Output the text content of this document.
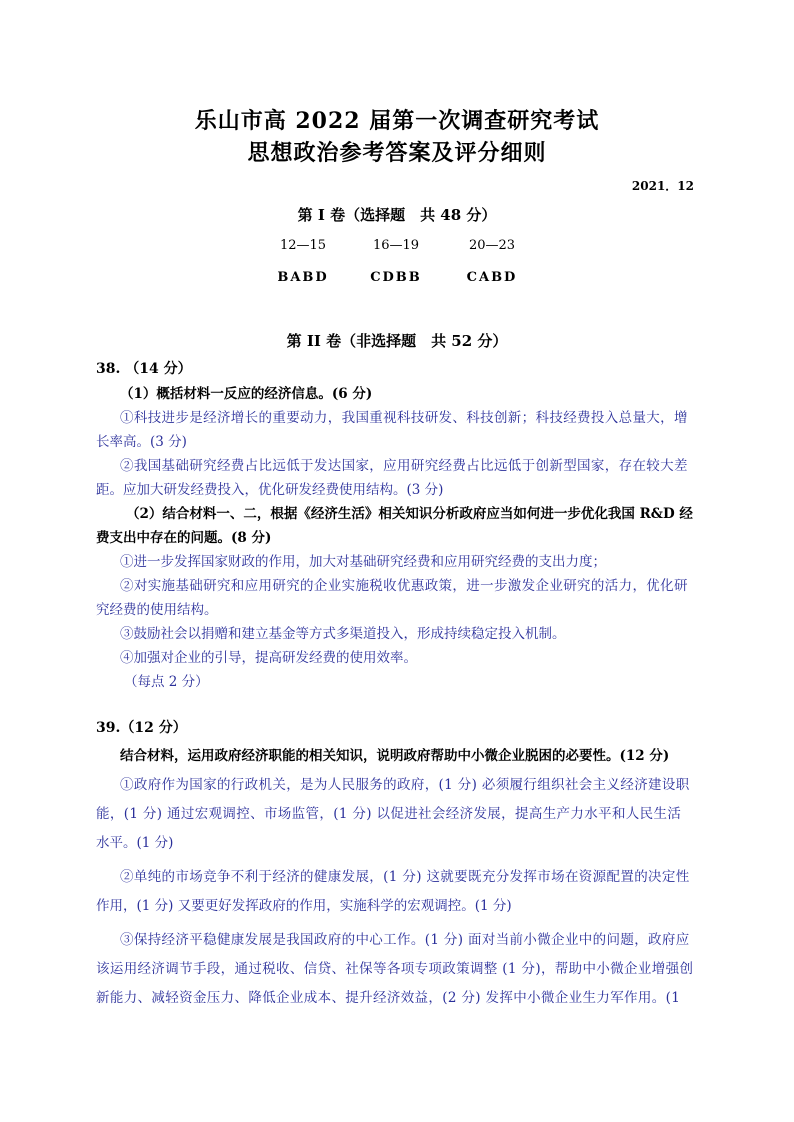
乐山市高 2022 届第一次调查研究考试
思想政治参考答案及评分细则
2021．12
第 I 卷（选择题　共 48 分）
12—15
BABD
16—19
CDBB
20—23
CABD
第 II 卷（非选择题　共 52 分）
38. （14 分）
（1）概括材料一反应的经济信息。(6 分)
①科技进步是经济增长的重要动力，我国重视科技研发、科技创新；科技经费投入总量大，增
长率高。(3 分)
②我国基础研究经费占比远低于发达国家，应用研究经费占比远低于创新型国家，存在较大差
距。应加大研发经费投入，优化研发经费使用结构。(3 分)
（2）结合材料一、二，根据《经济生活》相关知识分析政府应当如何进一步优化我国 R&D 经
费支出中存在的问题。(8 分)
①进一步发挥国家财政的作用，加大对基础研究经费和应用研究经费的支出力度；
②对实施基础研究和应用研究的企业实施税收优惠政策，进一步激发企业研究的活力，优化研
究经费的使用结构。
③鼓励社会以捐赠和建立基金等方式多渠道投入，形成持续稳定投入机制。
④加强对企业的引导，提高研发经费的使用效率。
（每点 2 分）
39.（12 分）
结合材料，运用政府经济职能的相关知识，说明政府帮助中小微企业脱困的必要性。(12 分)
①政府作为国家的行政机关，是为人民服务的政府，(1 分) 必须履行组织社会主义经济建设职
能，(1 分) 通过宏观调控、市场监管，(1 分) 以促进社会经济发展，提高生产力水平和人民生活
水平。(1 分)
②单纯的市场竞争不利于经济的健康发展，(1 分) 这就要既充分发挥市场在资源配置的决定性
作用，(1 分) 又要更好发挥政府的作用，实施科学的宏观调控。(1 分)
③保持经济平稳健康发展是我国政府的中心工作。(1 分) 面对当前小微企业中的问题，政府应
该运用经济调节手段，通过税收、信贷、社保等各项专项政策调整 (1 分)，帮助中小微企业增强创
新能力、减轻资金压力、降低企业成本、提升经济效益，(2 分) 发挥中小微企业生力军作用。(1
